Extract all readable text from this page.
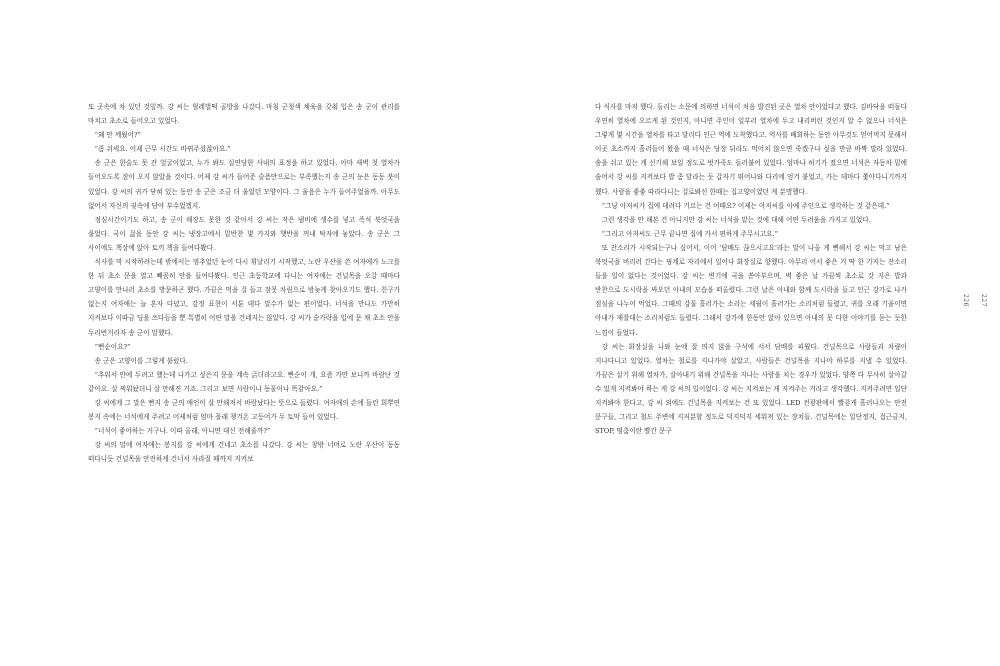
또 곳속에 차 있던 것일까. 강 씨는 혈레벌떡 골방을 나갔다. 마침 군청색 체육을 갖춰 입은 송 군이 관리를 마치고 초소로 들어오고 있었다.

“왜 안 깨웠어?”

“좀 쉬세요. 어제 근무 시간도 바뀌주셨잖아요.”

송 군은 한술도 못 잔 얼굴이었고, 누가 봐도 실연당한 사내의 표정을 하고 있었다. 아마 새벽 첫 열차가 들어오도록 잠이 오지 않았을 것이다. 어제 강 씨가 들어준 슬픔만으로는 부족했는지 송 군의 눈은 동동 붓이 있었다. 강 씨의 귀가 닫혀 있는 동안 송 군은 조금 더 울었던 모양이다. 그 울음은 누가 들어주었을까. 아무도 없어서 자신의 귓속에 담아 부수었겠지.

점심시간이기도 하고, 송 군이 해장도 못한 것 같아서 강 씨는 작은 냄비에 생수를 넣고 즉석 북엇국을 풀었다. 국이 끓을 동안 강 씨는 냉장고에서 밑반찬 몇 가지와 햇반을 꺼내 탁자에 놓았다. 송 군은 그 사이에도 책상에 앉아 토끼 책을 들여다봤다.

식사를 막 시작하려는데 밖에서는 멈추었던 눈이 다시 휘날리기 시작했고, 노란 우산을 쓴 여자애가 노크를 한 뒤 초소 문을 열고 빼꼼히 안을 들여다봤다. 인근 초등학교에 다니는 여자애는 건널목을 오갈 때마다 고양이를 만나러 초소를 방문하곤 했다. 가끔은 먹을 걸 들고 잠못 차림으로 밤늦게 찾아오기도 했다. 친구가 없는지 여자애는 늘 혼자 다녔고, 감정 표현이 서툰 데다 말수가 없는 편이었다. 너석을 만나도 가만히 지켜보다 이따금 딩을 쓰다듬을 뿐 특별히 어떤 말을 건네지는 않았다. 강 씨가 숟가락을 입에 문 채 초소 안을 두리번거리자 송 군이 말했다.

“뻔순이요?”

송 군은 고양이를 그렇게 불렀다.

“추워서 안에 두려고 했는데 나가고 싶은지 문을 계속 긁더라고요. 뻔순이 개, 요즘 가만 보니까 바람난 것 같아요. 살 찌워놨더니 살 만해진 거죠. 그리고 보면 사람이나 동물이나 똑같아요.”

강 씨에게 그 말은 뻔지 송 군의 애인이 살 만해져서 바람났다는 뜻으로 들렸다. 여자애의 손에 들린 희뿌연 봉지 속에는 너석에게 주려고 어제처럼 엄마 몰래 챙겨온 고등어가 두 토막 들어 있었다.

“너석이 좋아하는 거구나. 이따 올래, 아니면 대신 전해줄까?”

강 씨의 말에 여자애는 봉지를 강 씨에게 건네고 초소를 나갔다. 강 씨는 창밖 너머로 노란 우산이 동동 떠다니듯 건널목을 안전하게 건너서 사라질 때까지 지켜보

다 식사를 마저 했다. 들리는 소문에 의하면 너석이 처음 발견된 곳은 열차 안이었다고 했다. 김바닥을 떠돌다 우연히 열차에 오르게 된 것인지, 아니면 주인이 일부러 열차에 두고 내리버린 것인지 알 수 없으나 너석은 그렇게 몇 시간을 열차를 타고 달리다 인근 역에 도착했다고. 역사를 배회하는 동안 아무것도 얻어먹지 못해서 이곳 초소까지 흘러들어 왔을 때 너석은 당장 뒤라도 먹어치 않으면 죽겠구나 싶을 만큼 바짝 말라 있었다. 솜을 쉬고 있는 게 신기해 보일 정도로 벗가죽도 들러붙어 있었다. 엄마나 허기가 졌으면 너석은 자동차 밑에 숨어서 강 씨를 지켜보다 밥 좀 달라는 듯 갑자기 뛰어나와 다리에 엉겨 붙었고, 가는 데마다 쫓아다니기까지 했다. 사람을 좋좋 따라다니는 걸로봐선 한때는 집고양이였던 게 분명했다.

“그냥 아저씨가 집에 데려다 기르는 건 어때요? 이제는 아저씨를 아예 주인으로 생각하는 것 같은데.”

그런 생각을 안 해본 건 아니지만 강 씨는 너석을 맡는 것에 대해 어떤 두려움을 가지고 있었다.

“그리고 아저씨도 근무 끝나면 집에 가서 편하게 주무시고요.”

또 잔소리가 시작되는구나 싶어서, 이어 ‘담배도 끊으시고요’라는 말이 나올 게 뻔해서 강 씨는 먹고 남은 북엇국을 버리러 간다는 핑계로 자리에서 일어나 화장실로 향했다. 아무리 어서 좋은 거 딱 한 가지는 잔소리 들을 일이 없다는 것이었다. 강 씨는 변기에 국을 쏟아부으며, 벽 좋은 날 가끔씩 초소로 갓 지은 밥과 반찬으로 도시락을 싸오던 아내의 모습을 떠올렸다. 그런 날은 아내와 함께 도시락을 들고 인근 강가로 나가 점심을 나누어 먹었다. 그때의 강물 흘러가는 소리는 세월이 흘러가는 소리처럼 들렸고, 귀를 오래 기울이면 아내가 재잘대는 소리처럼도 들렸다. 그래서 강가에 한동안 앉아 있으면 아내의 못 다한 이야기를 듣는 듯한 느낌이 들었다.

강 씨는 화장실을 나와 눈에 잘 띄지 않을 구석에 서서 담배를 피웠다. 건널목으로 사람들과 차량이 지나다니고 있었다. 열차는 철로를 지나가야 살았고, 사람들은 건널목을 지나야 하루를 지낼 수 있었다. 가끔은 살기 위해 열차가, 살아내기 위해 건널목을 지나는 사람을 치는 경우가 있었다. 양쪽 다 무사히 살아갈 수 있게 지켜봐야 하는 게 강 씨의 일이었다. 강 씨는 지켜보는 게 지켜주는 거라고 생각했다. 지켜주려면 일단 지켜봐야 한다고, 강 씨 외에도 건널목을 지켜보는 건 또 있었다. LED 전광판에서 빨갛게 흘러나오는 안전 문구들, 그리고 철도 주변에 지저분할 정도로 덕지덕지 세워져 있는 장치들. 건널목에는 일단정지, 접근금지, STOP, 멈춤이란 빨간 문구

226 227
